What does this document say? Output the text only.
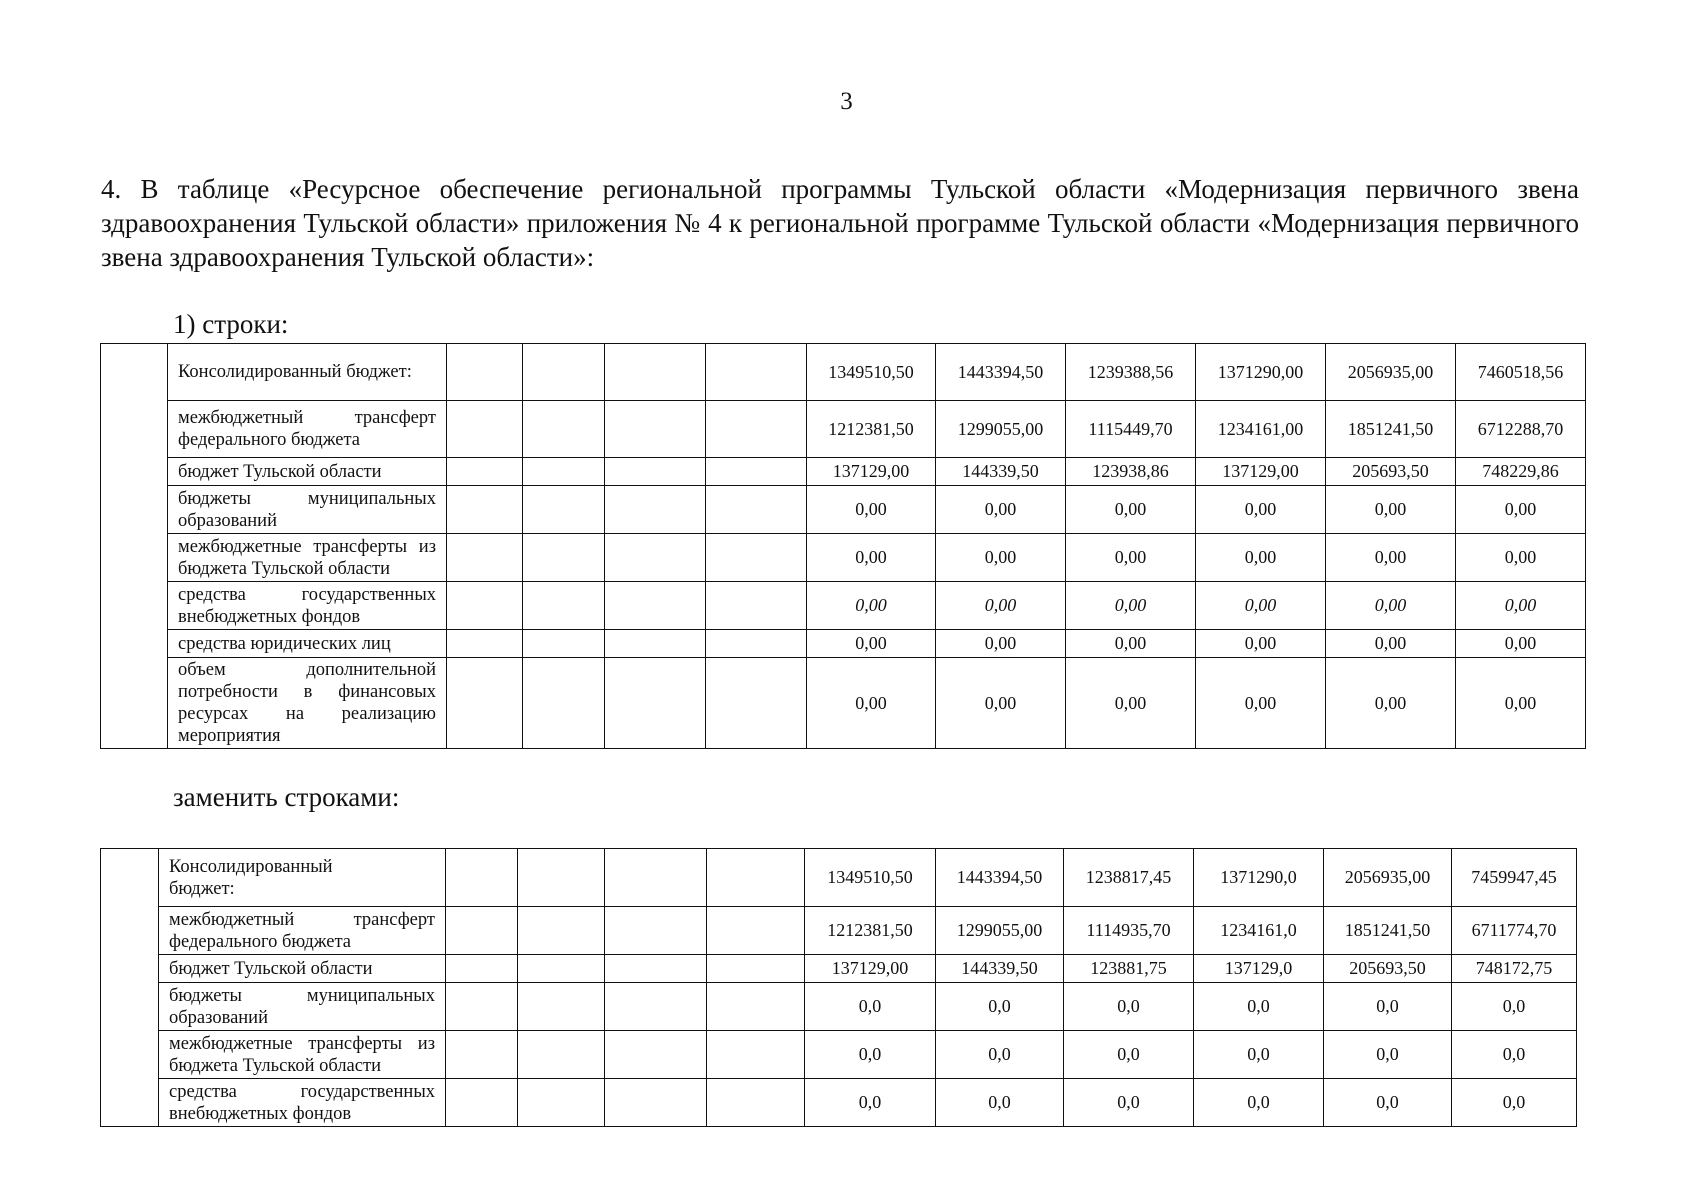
3

4. В таблице «Ресурсное обеспечение региональной программы Тульской области «Модернизация первичного звена здравоохранения Тульской области» приложения № 4 к региональной программе Тульской области «Модернизация первичного звена здравоохранения Тульской области»:

1) строки:
	Консолидированный бюджет:					1349510,50	1443394,50	1239388,56	1371290,00	2056935,00	7460518,56
	межбюджетный трансферт федерального бюджета					1212381,50	1299055,00	1115449,70	1234161,00	1851241,50	6712288,70
	бюджет Тульской области					137129,00	144339,50	123938,86	137129,00	205693,50	748229,86
	бюджеты муниципальных образований					0,00	0,00	0,00	0,00	0,00	0,00
	межбюджетные трансферты из бюджета Тульской области					0,00	0,00	0,00	0,00	0,00	0,00
	средства государственных внебюджетных фондов					0,00	0,00	0,00	0,00	0,00	0,00
	средства юридических лиц					0,00	0,00	0,00	0,00	0,00	0,00
	объем дополнительной потребности в финансовых ресурсах на реализацию мероприятия					0,00	0,00	0,00	0,00	0,00	0,00
заменить строками:
	Консолидированный бюджет:					1349510,50	1443394,50	1238817,45	1371290,0	2056935,00	7459947,45
	межбюджетный трансферт федерального бюджета					1212381,50	1299055,00	1114935,70	1234161,0	1851241,50	6711774,70
	бюджет Тульской области					137129,00	144339,50	123881,75	137129,0	205693,50	748172,75
	бюджеты муниципальных образований					0,0	0,0	0,0	0,0	0,0	0,0
	межбюджетные трансферты из бюджета Тульской области					0,0	0,0	0,0	0,0	0,0	0,0
	средства государственных внебюджетных фондов					0,0	0,0	0,0	0,0	0,0	0,0
